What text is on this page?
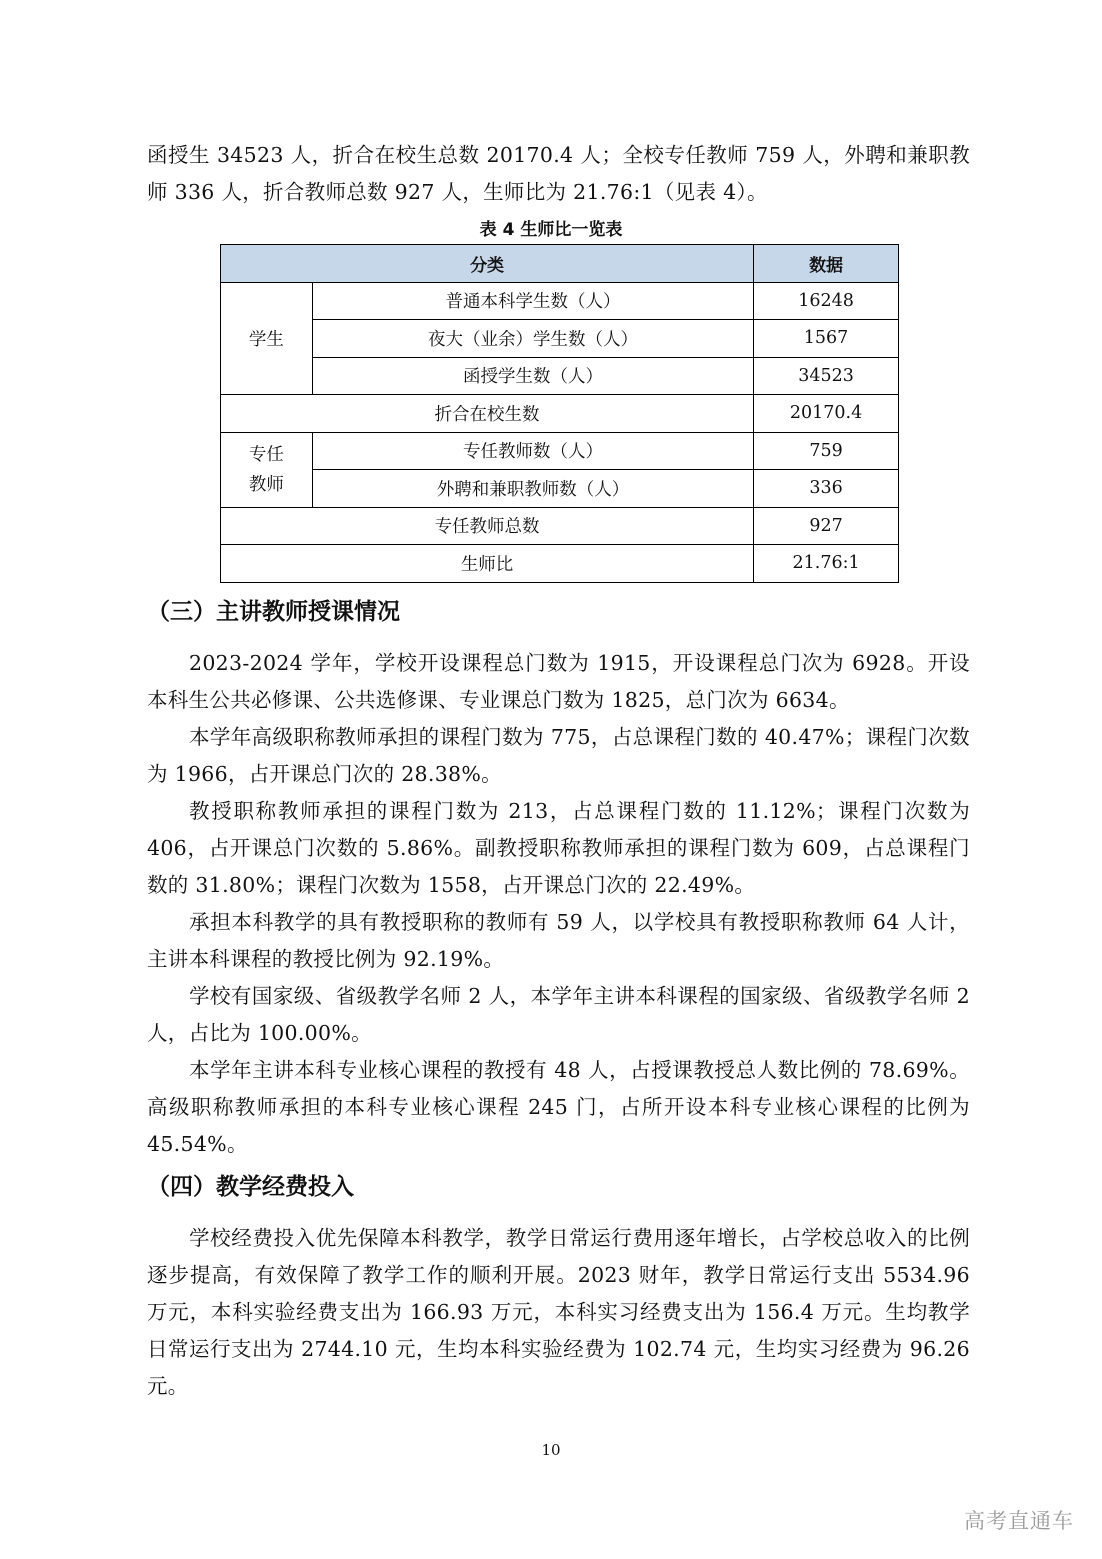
函授生 34523 人，折合在校生总数 20170.4 人；全校专任教师 759 人，外聘和兼职教师 336 人，折合教师总数 927 人，生师比为 21.76:1（见表 4）。

表 4 生师比一览表
分类		数据
学生	普通本科学生数（人）	16248
	夜大（业余）学生数（人）	1567
	函授学生数（人）	34523
折合在校生数		20170.4

专任
教师	专任教师数（人）	759
	外聘和兼职教师数（人）	336
专任教师总数		927
生师比		21.76:1
（三）主讲教师授课情况

2023-2024 学年，学校开设课程总门数为 1915，开设课程总门次为 6928。开设本科生公共必修课、公共选修课、专业课总门数为 1825，总门次为 6634。

本学年高级职称教师承担的课程门数为 775，占总课程门数的 40.47%；课程门次数为 1966，占开课总门次的 28.38%。

教授职称教师承担的课程门数为 213，占总课程门数的 11.12%；课程门次数为 406，占开课总门次数的 5.86%。副教授职称教师承担的课程门数为 609，占总课程门数的 31.80%；课程门次数为 1558，占开课总门次的 22.49%。

承担本科教学的具有教授职称的教师有 59 人，以学校具有教授职称教师 64 人计，主讲本科课程的教授比例为 92.19%。

学校有国家级、省级教学名师 2 人，本学年主讲本科课程的国家级、省级教学名师 2 人，占比为 100.00%。

本学年主讲本科专业核心课程的教授有 48 人，占授课教授总人数比例的 78.69%。高级职称教师承担的本科专业核心课程 245 门，占所开设本科专业核心课程的比例为 45.54%。

（四）教学经费投入

学校经费投入优先保障本科教学，教学日常运行费用逐年增长，占学校总收入的比例逐步提高，有效保障了教学工作的顺利开展。2023 财年，教学日常运行支出 5534.96 万元，本科实验经费支出为 166.93 万元，本科实习经费支出为 156.4 万元。生均教学日常运行支出为 2744.10 元，生均本科实验经费为 102.74 元，生均实习经费为 96.26 元。

10
高考直通车
